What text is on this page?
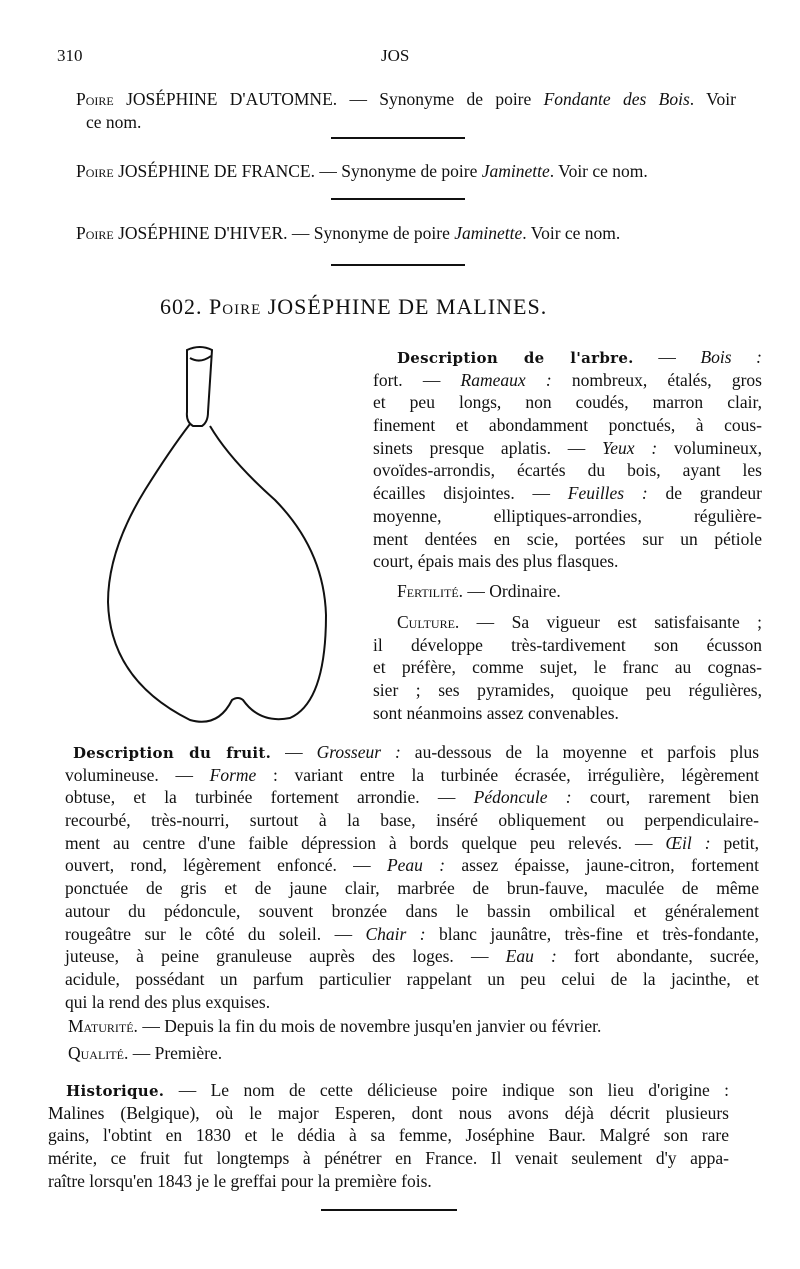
310	JOS
Poire JOSÉPHINE D'AUTOMNE. — Synonyme de poire Fondante des Bois. Voir
ce nom.
Poire JOSÉPHINE DE FRANCE. — Synonyme de poire Jaminette. Voir ce nom.
Poire JOSÉPHINE D'HIVER. — Synonyme de poire Jaminette. Voir ce nom.
602. Poire JOSÉPHINE DE MALINES.
Description de l'arbre. — Bois :
fort. — Rameaux : nombreux, étalés, gros
et peu longs, non coudés, marron clair,
finement et abondamment ponctués, à cous-
sinets presque aplatis. — Yeux : volumineux,
ovoïdes-arrondis, écartés du bois, ayant les
écailles disjointes. — Feuilles : de grandeur
moyenne, elliptiques-arrondies, régulière-
ment dentées en scie, portées sur un pétiole
court, épais mais des plus flasques.
Fertilité. — Ordinaire.
Culture. — Sa vigueur est satisfaisante ;
il développe très-tardivement son écusson
et préfère, comme sujet, le franc au cognas-
sier ; ses pyramides, quoique peu régulières,
sont néanmoins assez convenables.
Description du fruit. — Grosseur : au-dessous de la moyenne et parfois plus
volumineuse. — Forme : variant entre la turbinée écrasée, irrégulière, légèrement
obtuse, et la turbinée fortement arrondie. — Pédoncule : court, rarement bien
recourbé, très-nourri, surtout à la base, inséré obliquement ou perpendiculaire-
ment au centre d'une faible dépression à bords quelque peu relevés. — Œil : petit,
ouvert, rond, légèrement enfoncé. — Peau : assez épaisse, jaune-citron, fortement
ponctuée de gris et de jaune clair, marbrée de brun-fauve, maculée de même
autour du pédoncule, souvent bronzée dans le bassin ombilical et généralement
rougeâtre sur le côté du soleil. — Chair : blanc jaunâtre, très-fine et très-fondante,
juteuse, à peine granuleuse auprès des loges. — Eau : fort abondante, sucrée,
acidule, possédant un parfum particulier rappelant un peu celui de la jacinthe, et
qui la rend des plus exquises.
Maturité. — Depuis la fin du mois de novembre jusqu'en janvier ou février.
Qualité. — Première.
Historique. — Le nom de cette délicieuse poire indique son lieu d'origine :
Malines (Belgique), où le major Esperen, dont nous avons déjà décrit plusieurs
gains, l'obtint en 1830 et le dédia à sa femme, Joséphine Baur. Malgré son rare
mérite, ce fruit fut longtemps à pénétrer en France. Il venait seulement d'y appa-
raître lorsqu'en 1843 je le greffai pour la première fois.
